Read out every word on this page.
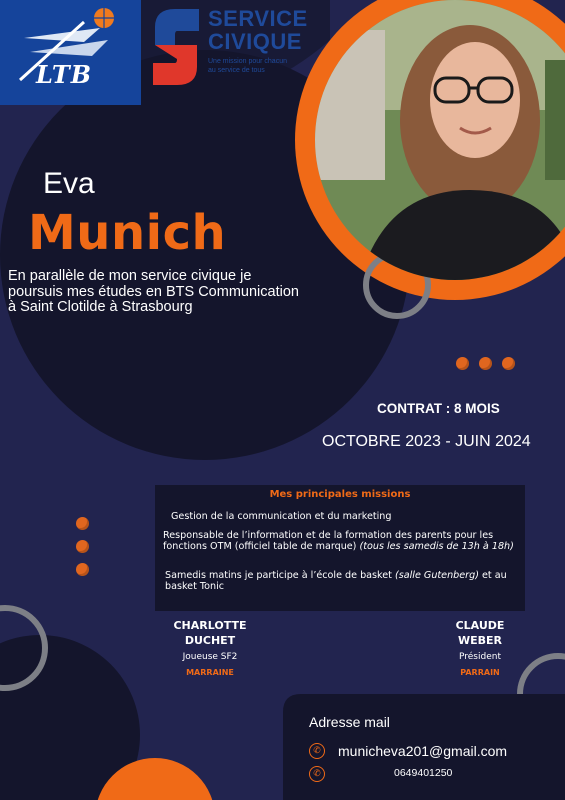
LTB
SERVICE
CIVIQUE
Une mission pour chacun
au service de tous
Eva
Munich
En parallèle de mon service civique je
poursuis mes études en BTS Communication
à Saint Clotilde à Strasbourg
CONTRAT : 8 MOIS
OCTOBRE 2023 - JUIN 2024
Mes principales missions
Gestion de la communication et du marketing
Responsable de l’information et de la formation des parents pour les fonctions OTM (officiel table de marque) (tous les samedis de 13h à 18h)
Samedis matins je participe à l’école de basket (salle Gutenberg) et au basket Tonic
CHARLOTTE
DUCHET
Joueuse SF2
MARRAINE
CLAUDE
WEBER
Président
PARRAIN
Adresse mail
✆	municheva201@gmail.com
✆	0649401250
